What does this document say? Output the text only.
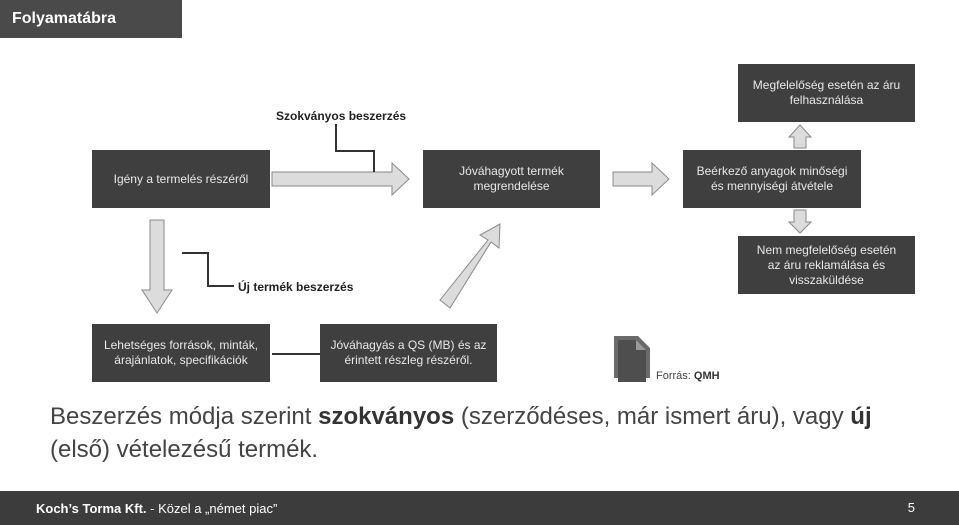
Folyamatábra
Szokványos beszerzés
Új termék beszerzés
Igény a termelés részéről
Jóváhagyott termék megrendelése
Beérkező anyagok minőségi és mennyiségi átvétele
Megfelelőség esetén az áru felhasználása
Nem megfelelőség esetén az áru reklamálása és visszaküldése
Lehetséges források, minták, árajánlatok, specifikációk
Jóváhagyás a QS (MB) és az érintett részleg részéről.
Forrás: QMH
Beszerzés módja szerint szokványos (szerződéses, már ismert áru), vagy új (első) vételezésű termék.
Koch’s Torma Kft. - Közel a „német piac”	5
